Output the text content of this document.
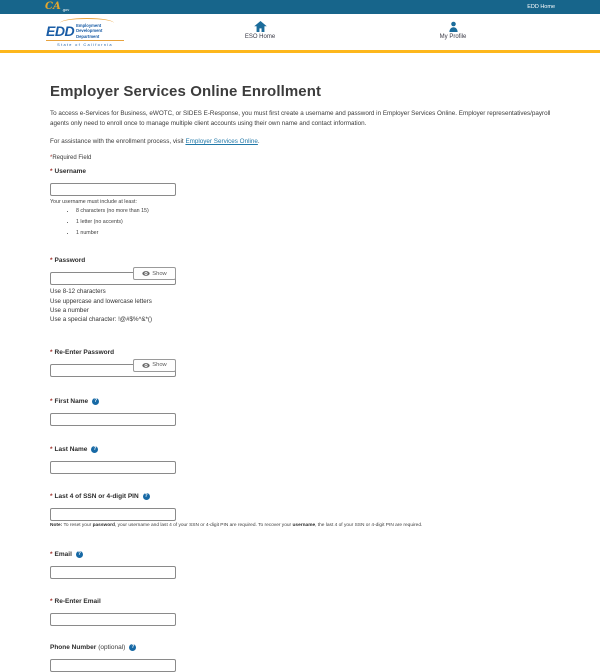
CA .gov	EDD Home
EDD Employment
Development
Department
State of California
ESO Home	My Profile
Employer Services Online Enrollment

To access e-Services for Business, eWOTC, or SIDES E-Response, you must first create a username and password in Employer Services Online. Employer representatives/payroll agents only need to enroll once to manage multiple client accounts using their own name and contact information.

For assistance with the enrollment process, visit Employer Services Online.

*Required Field

* Username
Your username must include at least:
• 8 characters (no more than 15)
• 1 letter (no accents)
• 1 number
* Password
Show
Use 8-12 characters
Use uppercase and lowercase letters
Use a number
Use a special character: !@#$%^&*()
* Re-Enter Password
Show
* First Name	?
* Last Name	?
* Last 4 of SSN or 4-digit PIN	?
Note: To reset your password, your username and last 4 of your SSN or 4-digit PIN are required. To recover your username, the last 4 of your SSN or 4-digit PIN are required.
* Email	?
* Re-Enter Email
Phone Number (optional)	?
